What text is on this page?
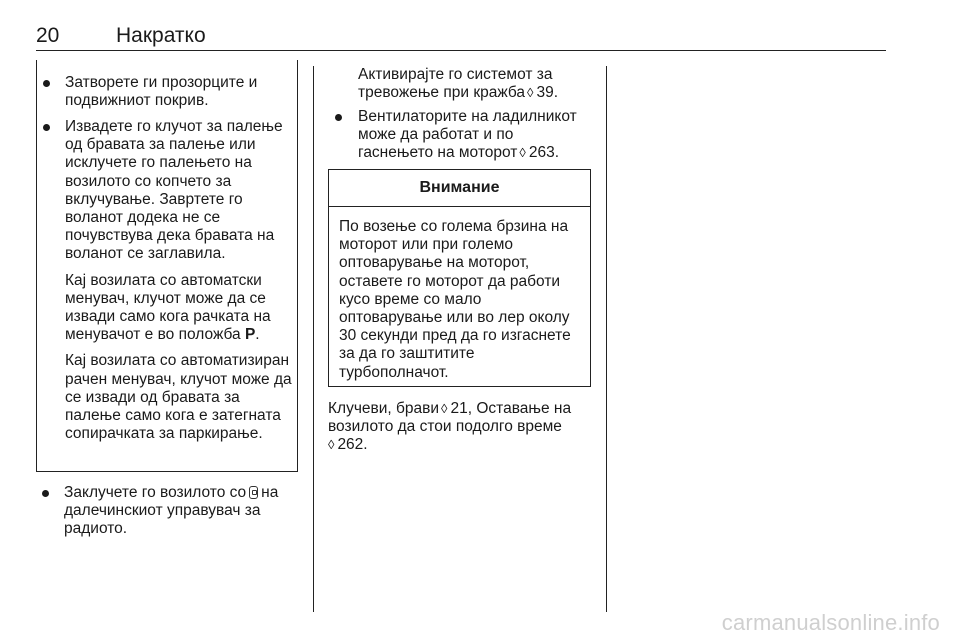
20	Накратко

Затворете ги прозорците и подвижниот покрив.

Извадете го клучот за палење од бравата за палење или исклучете го палењето на возилото со копчето за вклучување. Завртете го воланот додека не се почувствува дека бравата на воланот се заглавила.

Кај возилата со автоматски менувач, клучот може да се извади само кога рачката на менувачот е во положба P.

Кај возилата со автоматизиран рачен менувач, клучот може да се извади од бравата за палење само кога е затегната сопирачката за паркирање.

Заклучете го возилото со на далечинскиот управувач за радиото.

Активирајте го системот за тревожење при кражба ◊ 39.

Вентилаторите на ладилникот може да работат и по гаснењето на моторот ◊ 263.

Внимание

По возење со голема брзина на моторот или при големо оптоварување на моторот, оставете го моторот да работи кусо време со мало оптоварување или во лер околу 30 секунди пред да го изгаснете за да го заштитите турбополначот.

Клучеви, брави ◊ 21, Оставање на возилото да стои подолго време
◊ 262.

carmanualsonline.info
